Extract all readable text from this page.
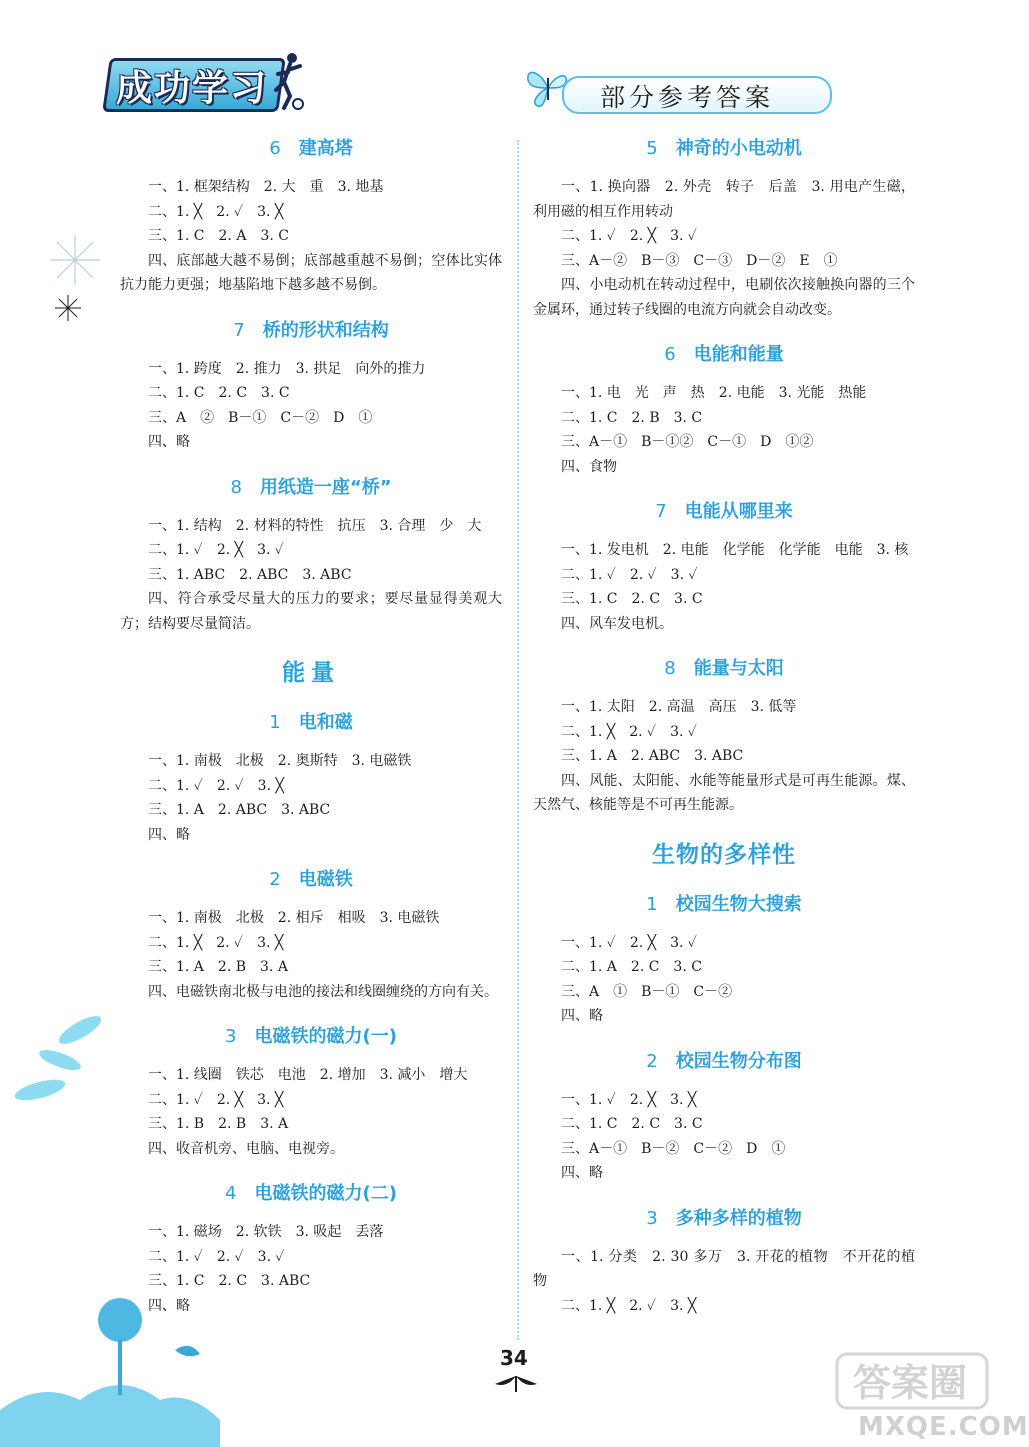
成功学习	部分参考答案
6 建高塔

一、1. 框架结构　2. 大　重　3. 地基

二、1. ╳　2. ✓　3. ╳

三、1. C　2. A　3. C

四、底部越大越不易倒；底部越重越不易倒；空体比实体抗力能力更强；地基陷地下越多越不易倒。

7 桥的形状和结构

一、1. 跨度　2. 推力　3. 拱足　向外的推力

二、1. C　2. C　3. C

三、A　②　B－①　C－②　D　①

四、略

8 用纸造一座“桥”

一、1. 结构　2. 材料的特性　抗压　3. 合理　少　大

二、1. ✓　2. ╳　3. ✓

三、1. ABC　2. ABC　3. ABC

四、符合承受尽量大的压力的要求；要尽量显得美观大方；结构要尽量简洁。

能量
1 电和磁

一、1. 南极　北极　2. 奥斯特　3. 电磁铁

二、1. ✓　2. ✓　3. ╳

三、1. A　2. ABC　3. ABC

四、略

2 电磁铁

一、1. 南极　北极　2. 相斥　相吸　3. 电磁铁

二、1. ╳　2. ✓　3. ╳

三、1. A　2. B　3. A

四、电磁铁南北极与电池的接法和线圈缠绕的方向有关。

3 电磁铁的磁力(一)

一、1. 线圈　铁芯　电池　2. 增加　3. 减小　增大

二、1. ✓　2. ╳　3. ╳

三、1. B　2. B　3. A

四、收音机旁、电脑、电视旁。

4 电磁铁的磁力(二)

一、1. 磁场　2. 软铁　3. 吸起　丢落

二、1. ✓　2. ✓　3. ✓

三、1. C　2. C　3. ABC

四、略

5 神奇的小电动机

一、1. 换向器　2. 外壳　转子　后盖　3. 用电产生磁，利用磁的相互作用转动

二、1. ✓　2. ╳　3. ✓

三、A－②　B－③　C－③　D－②　E　①

四、小电动机在转动过程中，电刷依次接触换向器的三个金属环，通过转子线圈的电流方向就会自动改变。

6 电能和能量

一、1. 电　光　声　热　2. 电能　3. 光能　热能

二、1. C　2. B　3. C

三、A－①　B－①②　C－①　D　①②

四、食物

7 电能从哪里来

一、1. 发电机　2. 电能　化学能　化学能　电能　3. 核

二、1. ✓　2. ✓　3. ✓

三、1. C　2. C　3. C

四、风车发电机。

8 能量与太阳

一、1. 太阳　2. 高温　高压　3. 低等

二、1. ╳　2. ✓　3. ✓

三、1. A　2. ABC　3. ABC

四、风能、太阳能、水能等能量形式是可再生能源。煤、天然气、核能等是不可再生能源。

生物的多样性
1 校园生物大搜索

一、1. ✓　2. ╳　3. ✓

二、1. A　2. C　3. C

三、A　①　B－①　C－②

四、略

2 校园生物分布图

一、1. ✓　2. ╳　3. ╳

二、1. C　2. C　3. C

三、A－①　B－②　C－②　D　①

四、略

3 多种多样的植物

一、1. 分类　2. 30 多万　3. 开花的植物　不开花的植物

二、1. ╳　2. ✓　3. ╳

34
答案圈
MXQE.COM
